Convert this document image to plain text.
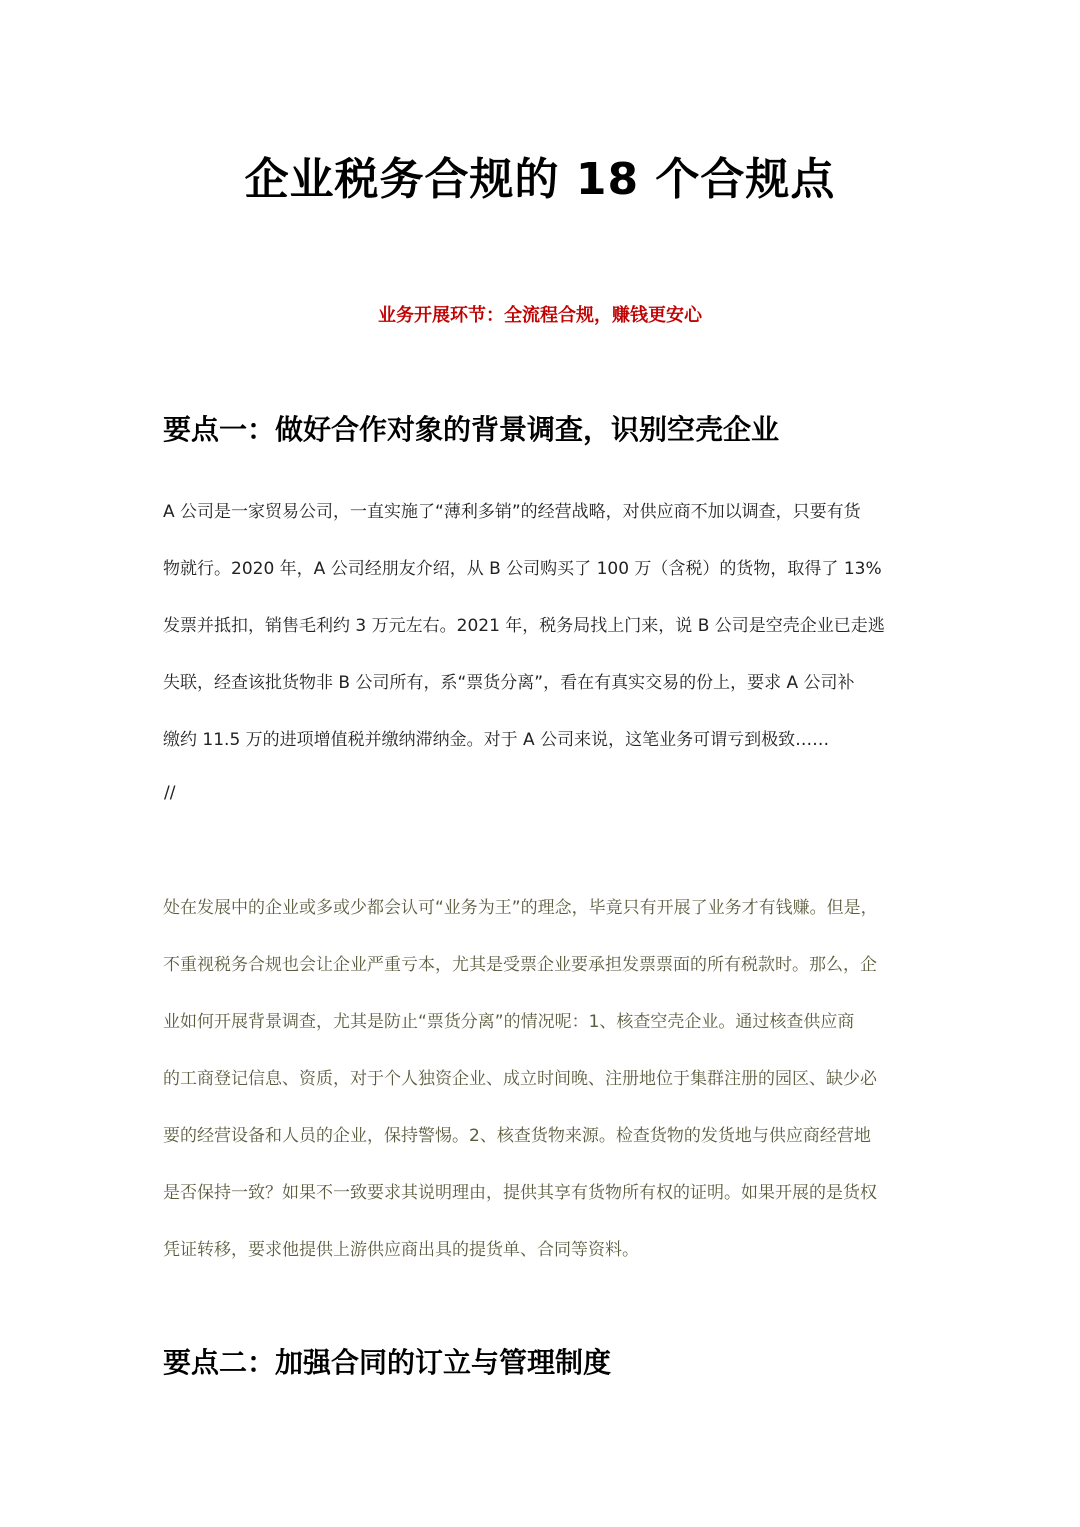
企业税务合规的 18 个合规点
业务开展环节：全流程合规，赚钱更安心
要点一：做好合作对象的背景调查，识别空壳企业
A 公司是一家贸易公司，一直实施了“薄利多销”的经营战略，对供应商不加以调查，只要有货
物就行。2020 年，A 公司经朋友介绍，从 B 公司购买了 100 万（含税）的货物，取得了 13%
发票并抵扣，销售毛利约 3 万元左右。2021 年，税务局找上门来，说 B 公司是空壳企业已走逃
失联，经查该批货物非 B 公司所有，系“票货分离”，看在有真实交易的份上，要求 A 公司补
缴约 11.5 万的进项增值税并缴纳滞纳金。对于 A 公司来说，这笔业务可谓亏到极致……
//
处在发展中的企业或多或少都会认可“业务为王”的理念，毕竟只有开展了业务才有钱赚。但是，
不重视税务合规也会让企业严重亏本，尤其是受票企业要承担发票票面的所有税款时。那么，企
业如何开展背景调查，尤其是防止“票货分离”的情况呢：1、核查空壳企业。通过核查供应商
的工商登记信息、资质，对于个人独资企业、成立时间晚、注册地位于集群注册的园区、缺少必
要的经营设备和人员的企业，保持警惕。2、核查货物来源。检查货物的发货地与供应商经营地
是否保持一致？如果不一致要求其说明理由，提供其享有货物所有权的证明。如果开展的是货权
凭证转移，要求他提供上游供应商出具的提货单、合同等资料。
要点二：加强合同的订立与管理制度
